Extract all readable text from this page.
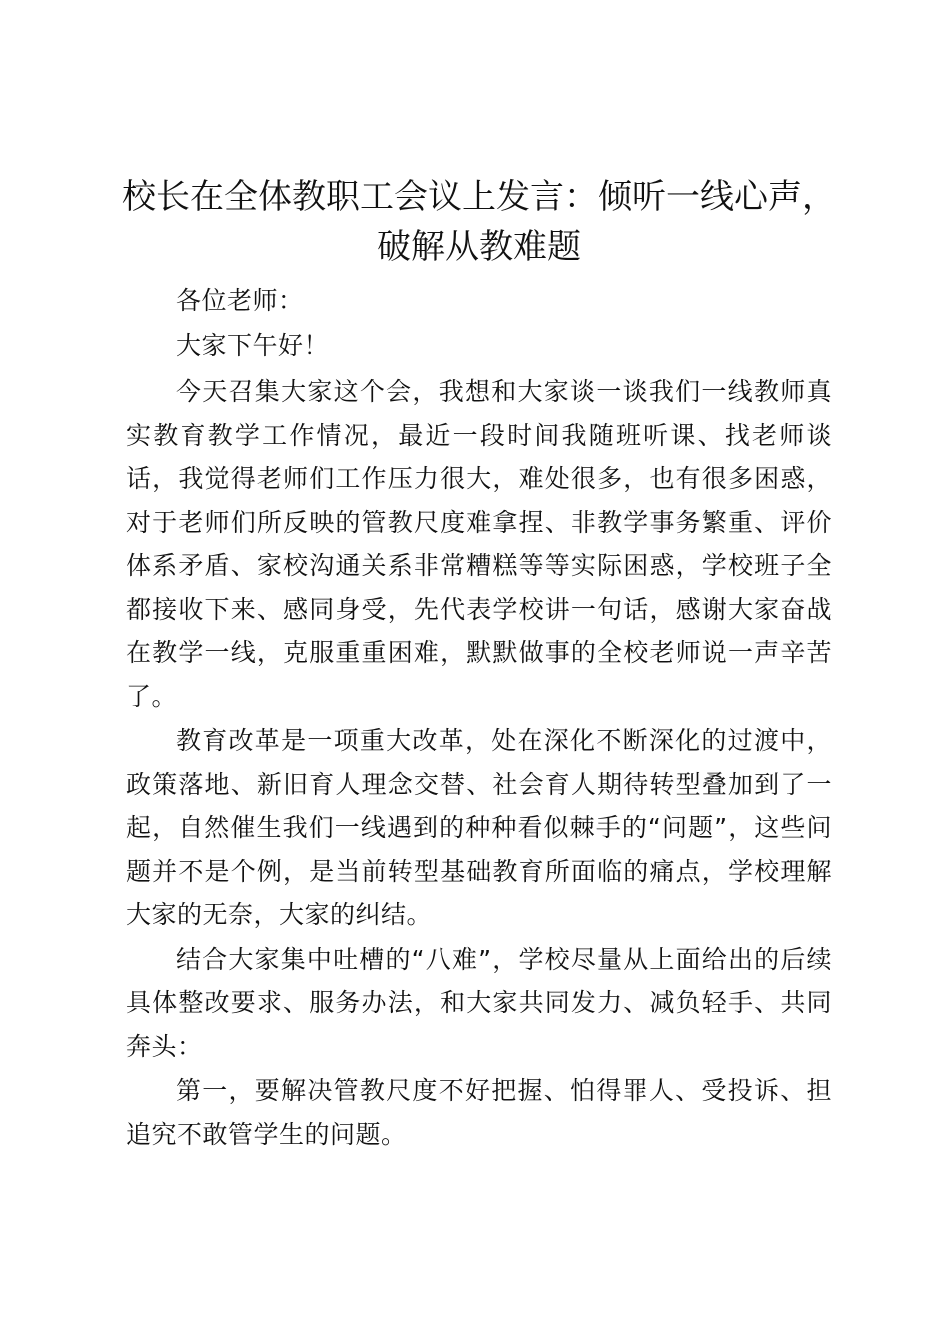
校长在全体教职工会议上发言：倾听一线心声，破解从教难题

各位老师：

大家下午好！

今天召集大家这个会，我想和大家谈一谈我们一线教师真实教育教学工作情况，最近一段时间我随班听课、找老师谈话，我觉得老师们工作压力很大，难处很多，也有很多困惑，对于老师们所反映的管教尺度难拿捏、非教学事务繁重、评价体系矛盾、家校沟通关系非常糟糕等等实际困惑，学校班子全都接收下来、感同身受，先代表学校讲一句话，感谢大家奋战在教学一线，克服重重困难，默默做事的全校老师说一声辛苦了。

教育改革是一项重大改革，处在深化不断深化的过渡中，政策落地、新旧育人理念交替、社会育人期待转型叠加到了一起，自然催生我们一线遇到的种种看似棘手的“问题”，这些问题并不是个例，是当前转型基础教育所面临的痛点，学校理解大家的无奈，大家的纠结。

结合大家集中吐槽的“八难”，学校尽量从上面给出的后续具体整改要求、服务办法，和大家共同发力、减负轻手、共同奔头：

第一，要解决管教尺度不好把握、怕得罪人、受投诉、担追究不敢管学生的问题。
